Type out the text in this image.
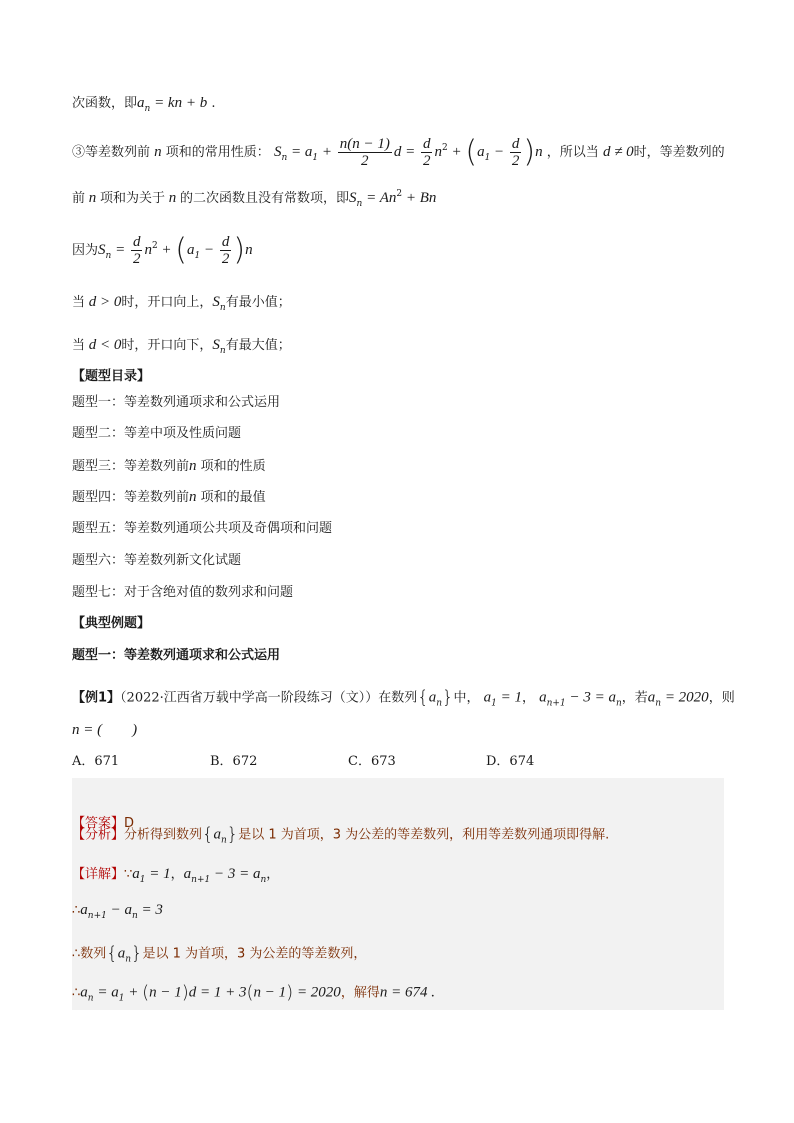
次函数，即$a_n$ = kn + b .
③等差数列前 n 项和的常用性质： $S_n = a_1 + \frac{n(n - 1)}{2}$ $d = \frac{d}{2} n^2 + (a_1 - \frac{d}{2} )n$ ，所以当 d ≠ 0时，等差数列的
前 n 项和为关于 n 的二次函数且没有常数项，即$S_n = An^2 + Bn$
因为$S_n = \frac{d}{2} n^2 + (a_1 - \frac{d}{2} )n$
当 d > 0时，开口向上，$S_n$有最小值；
当 d < 0时，开口向下，$S_n$有最大值；
【题型目录】
题型一：等差数列通项求和公式运用
题型二：等差中项及性质问题
题型三：等差数列前n 项和的性质
题型四：等差数列前n 项和的最值
题型五：等差数列通项公共项及奇偶项和问题
题型六：等差数列新文化试题
题型七：对于含绝对值的数列求和问题
【典型例题】
题型一：等差数列通项求和公式运用
【例1】（2022·江西省万载中学高一阶段练习（文））在数列$\{a_n\}$中， $a_1 = 1$， $a_{n+1} - 3 = a_n$，若$a_n = 2020$，则
n = (　　)
A．671	B．672	C．673	D．674
【答案】D
【分析】分析得到数列$\{a_n\}$是以 1 为首项，3 为公差的等差数列，利用等差数列通项即得解.
【详解】$\because a_1 = 1$，$a_{n+1} - 3 = a_n$，
$\therefore a_{n+1} - a_n = 3$
∴数列$\{a_n\}$是以 1 为首项，3 为公差的等差数列，
$\therefore a_n = a_1 + (n - 1)d = 1 + 3(n - 1) = 2020$，解得n = 674 .
